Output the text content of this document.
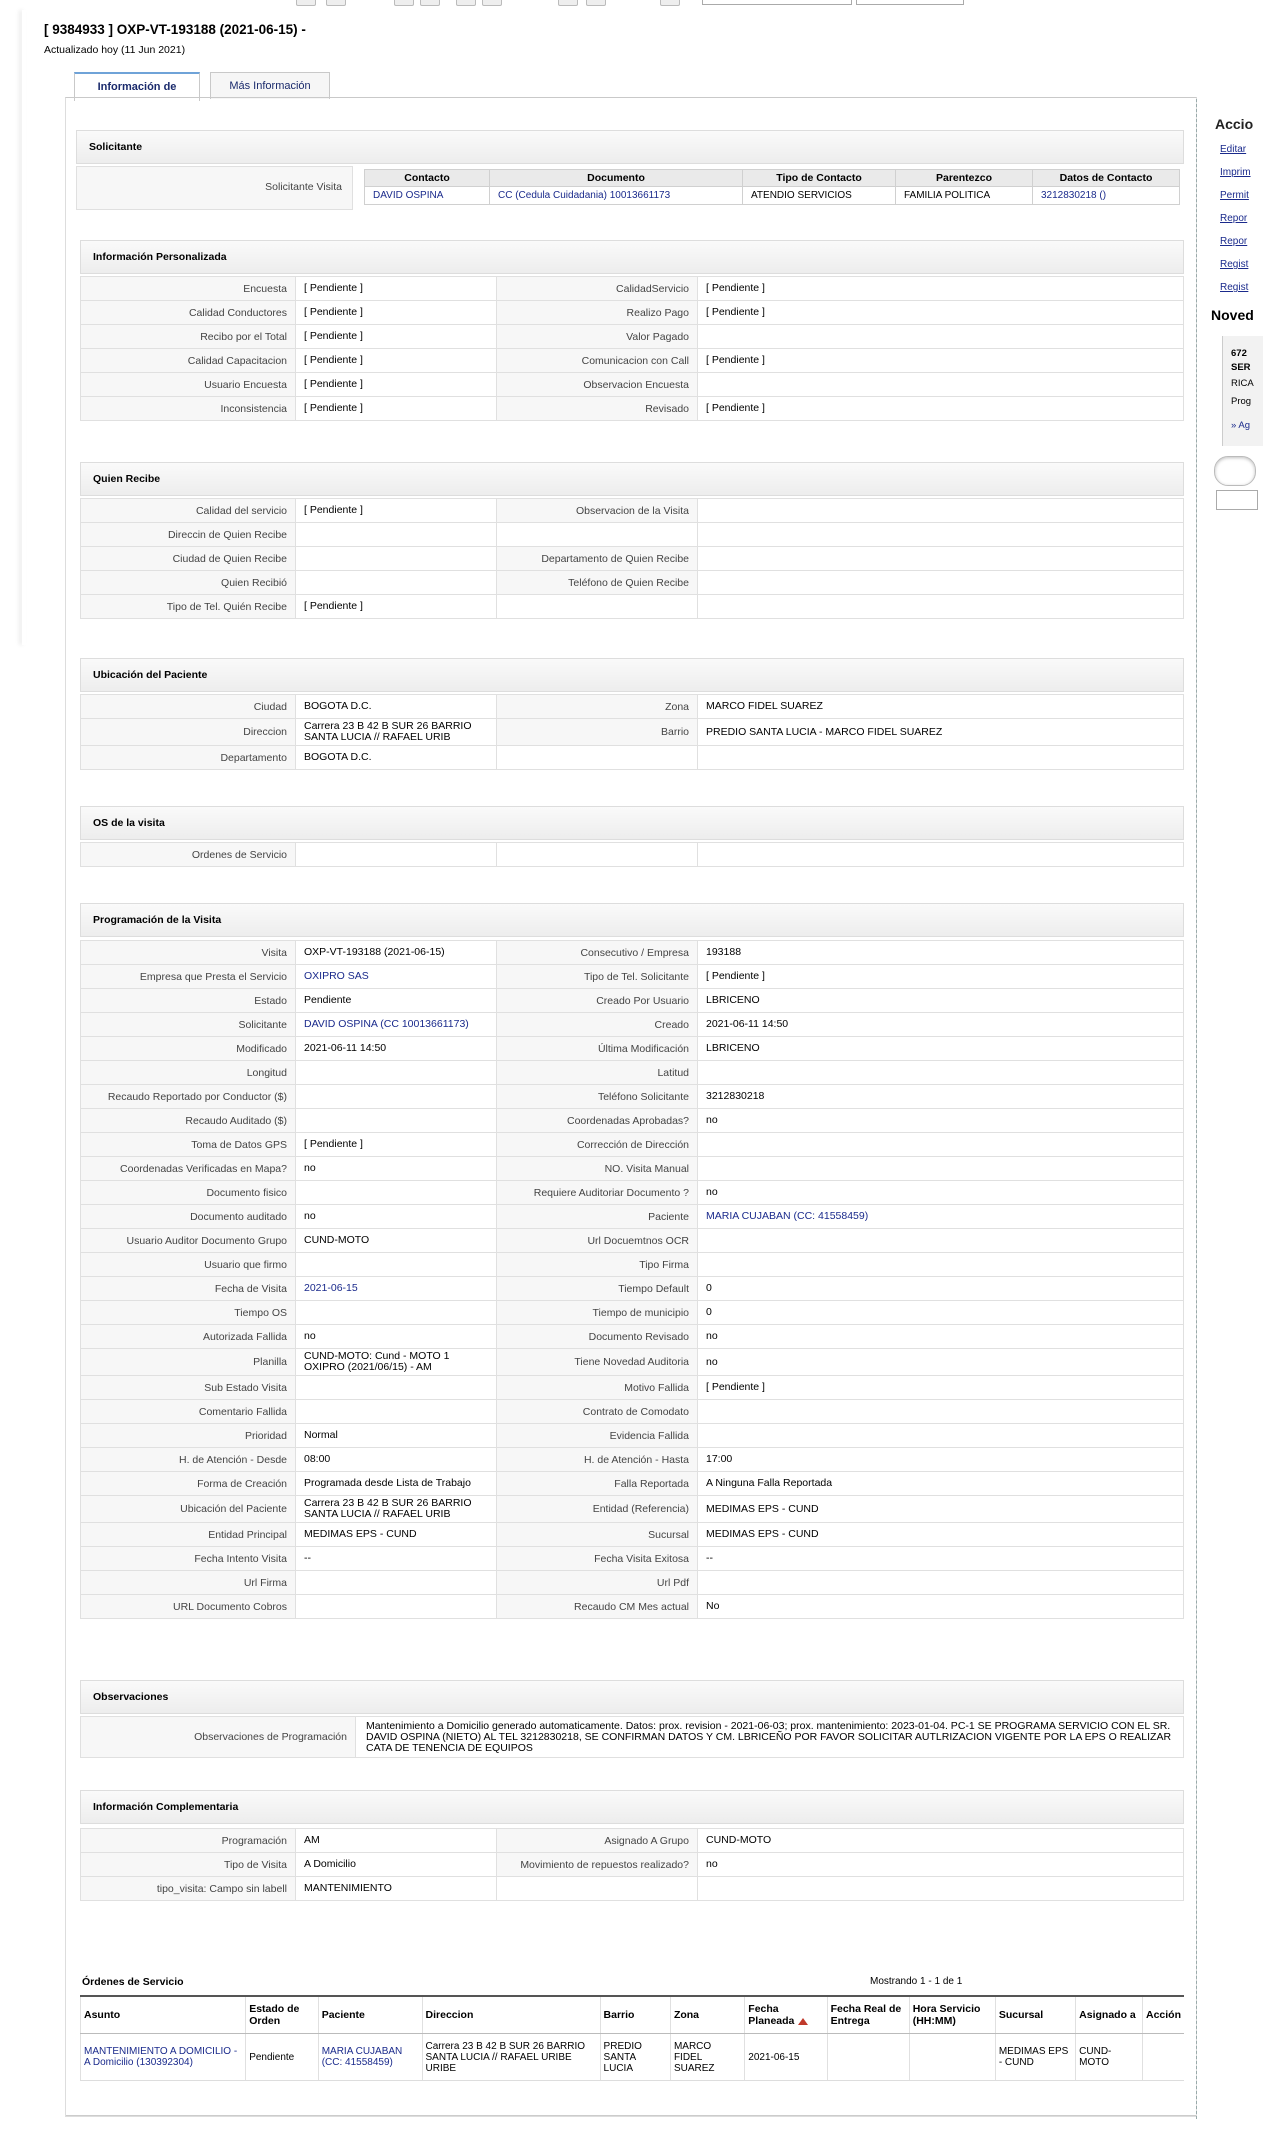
[ 9384933 ] OXP-VT-193188 (2021-06-15) -
Actualizado hoy (11 Jun 2021)
Información de	Más Información
Solicitante
Solicitante Visita
Contacto	Documento	Tipo de Contacto	Parentezco	Datos de Contacto
DAVID OSPINA	CC (Cedula Cuidadania) 10013661173	ATENDIO SERVICIOS	FAMILIA POLITICA	3212830218 ()
Información Personalizada
Encuesta	[ Pendiente ]	CalidadServicio	[ Pendiente ]
Calidad Conductores	[ Pendiente ]	Realizo Pago	[ Pendiente ]
Recibo por el Total	[ Pendiente ]	Valor Pagado	
Calidad Capacitacion	[ Pendiente ]	Comunicacion con Call	[ Pendiente ]
Usuario Encuesta	[ Pendiente ]	Observacion Encuesta	
Inconsistencia	[ Pendiente ]	Revisado	[ Pendiente ]
Quien Recibe
Calidad del servicio	[ Pendiente ]	Observacion de la Visita	
Direccin de Quien Recibe			
Ciudad de Quien Recibe		Departamento de Quien Recibe	
Quien Recibió		Teléfono de Quien Recibe	
Tipo de Tel. Quién Recibe	[ Pendiente ]		
Ubicación del Paciente
Ciudad	BOGOTA D.C.	Zona	MARCO FIDEL SUAREZ
Direccion	Carrera 23 B 42 B SUR 26 BARRIO SANTA LUCIA // RAFAEL URIB	Barrio	PREDIO SANTA LUCIA - MARCO FIDEL SUAREZ
Departamento	BOGOTA D.C.		
OS de la visita
Ordenes de Servicio			
Programación de la Visita
Visita	OXP-VT-193188 (2021-06-15)	Consecutivo / Empresa	193188
Empresa que Presta el Servicio	OXIPRO SAS	Tipo de Tel. Solicitante	[ Pendiente ]
Estado	Pendiente	Creado Por Usuario	LBRICENO
Solicitante	DAVID OSPINA (CC 10013661173)	Creado	2021-06-11 14:50
Modificado	2021-06-11 14:50	Última Modificación	LBRICENO
Longitud		Latitud	
Recaudo Reportado por Conductor ($)		Teléfono Solicitante	3212830218
Recaudo Auditado ($)		Coordenadas Aprobadas?	no
Toma de Datos GPS	[ Pendiente ]	Corrección de Dirección	
Coordenadas Verificadas en Mapa?	no	NO. Visita Manual	
Documento fisico		Requiere Auditoriar Documento ?	no
Documento auditado	no	Paciente	MARIA CUJABAN (CC: 41558459)
Usuario Auditor Documento Grupo	CUND-MOTO	Url Docuemtnos OCR	
Usuario que firmo		Tipo Firma	
Fecha de Visita	2021-06-15	Tiempo Default	0
Tiempo OS		Tiempo de municipio	0
Autorizada Fallida	no	Documento Revisado	no
Planilla	CUND-MOTO: Cund - MOTO 1 OXIPRO (2021/06/15) - AM	Tiene Novedad Auditoria	no
Sub Estado Visita		Motivo Fallida	[ Pendiente ]
Comentario Fallida		Contrato de Comodato	
Prioridad	Normal	Evidencia Fallida	
H. de Atención - Desde	08:00	H. de Atención - Hasta	17:00
Forma de Creación	Programada desde Lista de Trabajo	Falla Reportada	A Ninguna Falla Reportada
Ubicación del Paciente	Carrera 23 B 42 B SUR 26 BARRIO SANTA LUCIA // RAFAEL URIB	Entidad (Referencia)	MEDIMAS EPS - CUND
Entidad Principal	MEDIMAS EPS - CUND	Sucursal	MEDIMAS EPS - CUND
Fecha Intento Visita	--	Fecha Visita Exitosa	--
Url Firma		Url Pdf	
URL Documento Cobros		Recaudo CM Mes actual	No
Observaciones
Observaciones de Programación	Mantenimiento a Domicilio generado automaticamente. Datos: prox. revision - 2021-06-03; prox. mantenimiento: 2023-01-04. PC-1 SE PROGRAMA SERVICIO CON EL SR. DAVID OSPINA (NIETO) AL TEL 3212830218, SE CONFIRMAN DATOS Y CM. LBRICEÑO POR FAVOR SOLICITAR AUTLRIZACION VIGENTE POR LA EPS O REALIZAR CATA DE TENENCIA DE EQUIPOS
Información Complementaria
Programación	AM	Asignado A Grupo	CUND-MOTO
Tipo de Visita	A Domicilio	Movimiento de repuestos realizado?	no
tipo_visita: Campo sin labell	MANTENIMIENTO		
Órdenes de Servicio	Mostrando 1 - 1 de 1
Asunto	Estado de Orden	Paciente	Direccion	Barrio	Zona	Fecha Planeada	Fecha Real de Entrega	Hora Servicio (HH:MM)	Sucursal	Asignado a	Acción
MANTENIMIENTO A DOMICILIO - A Domicilio (130392304)	Pendiente	MARIA CUJABAN (CC: 41558459)	Carrera 23 B 42 B SUR 26 BARRIO SANTA LUCIA // RAFAEL URIBE URIBE	PREDIO SANTA LUCIA	MARCO FIDEL SUAREZ	2021-06-15			MEDIMAS EPS - CUND	CUND-MOTO	
Accio
Editar
Imprim
Permit
Repor
Repor
Regist
Regist
Noved
672
SER
RICA
Prog
» Ag
